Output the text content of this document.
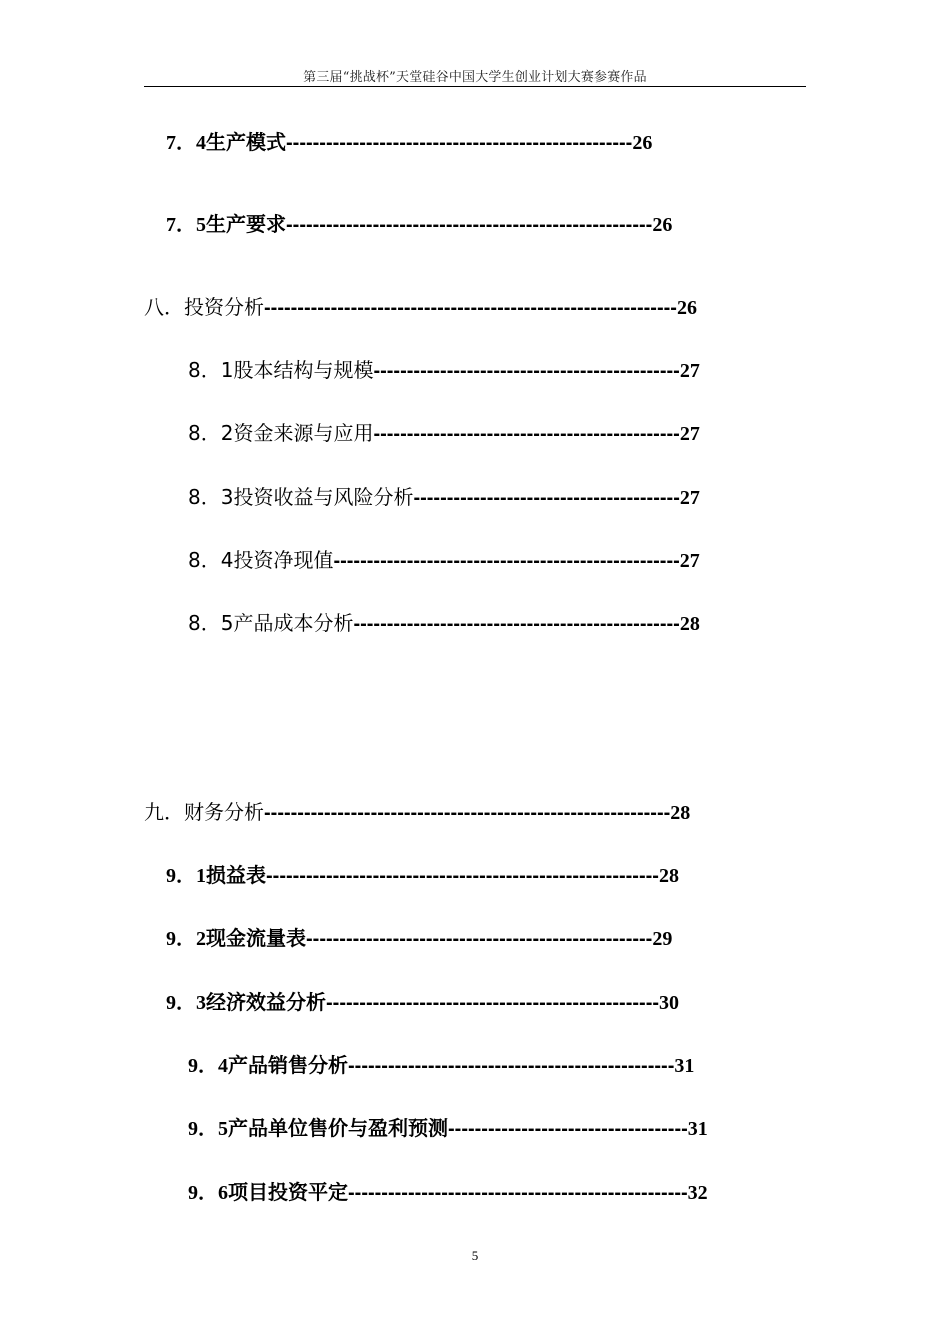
第三届“挑战杯”天堂硅谷中国大学生创业计划大赛参赛作品
7．4 生产模式 ---------------------------------------------------- 26
7．5 生产要求 ------------------------------------------------------- 26
八． 投资分析 -------------------------------------------------------------- 26
8．1 股本结构与规模 ---------------------------------------------- 27
8．2 资金来源与应用 ---------------------------------------------- 27
8．3 投资收益与风险分析 ---------------------------------------- 27
8．4 投资净现值 ---------------------------------------------------- 27
8．5 产品成本分析 ------------------------------------------------- 28
九． 财务分析 ------------------------------------------------------------- 28
9．1 损益表 ----------------------------------------------------------- 28
9．2 现金流量表 ---------------------------------------------------- 29
9．3 经济效益分析 -------------------------------------------------- 30
9．4 产品销售分析 ------------------------------------------------- 31
9．5 产品单位售价与盈利预测 ------------------------------------ 31
9．6 项目投资平定 --------------------------------------------------- 32
5
